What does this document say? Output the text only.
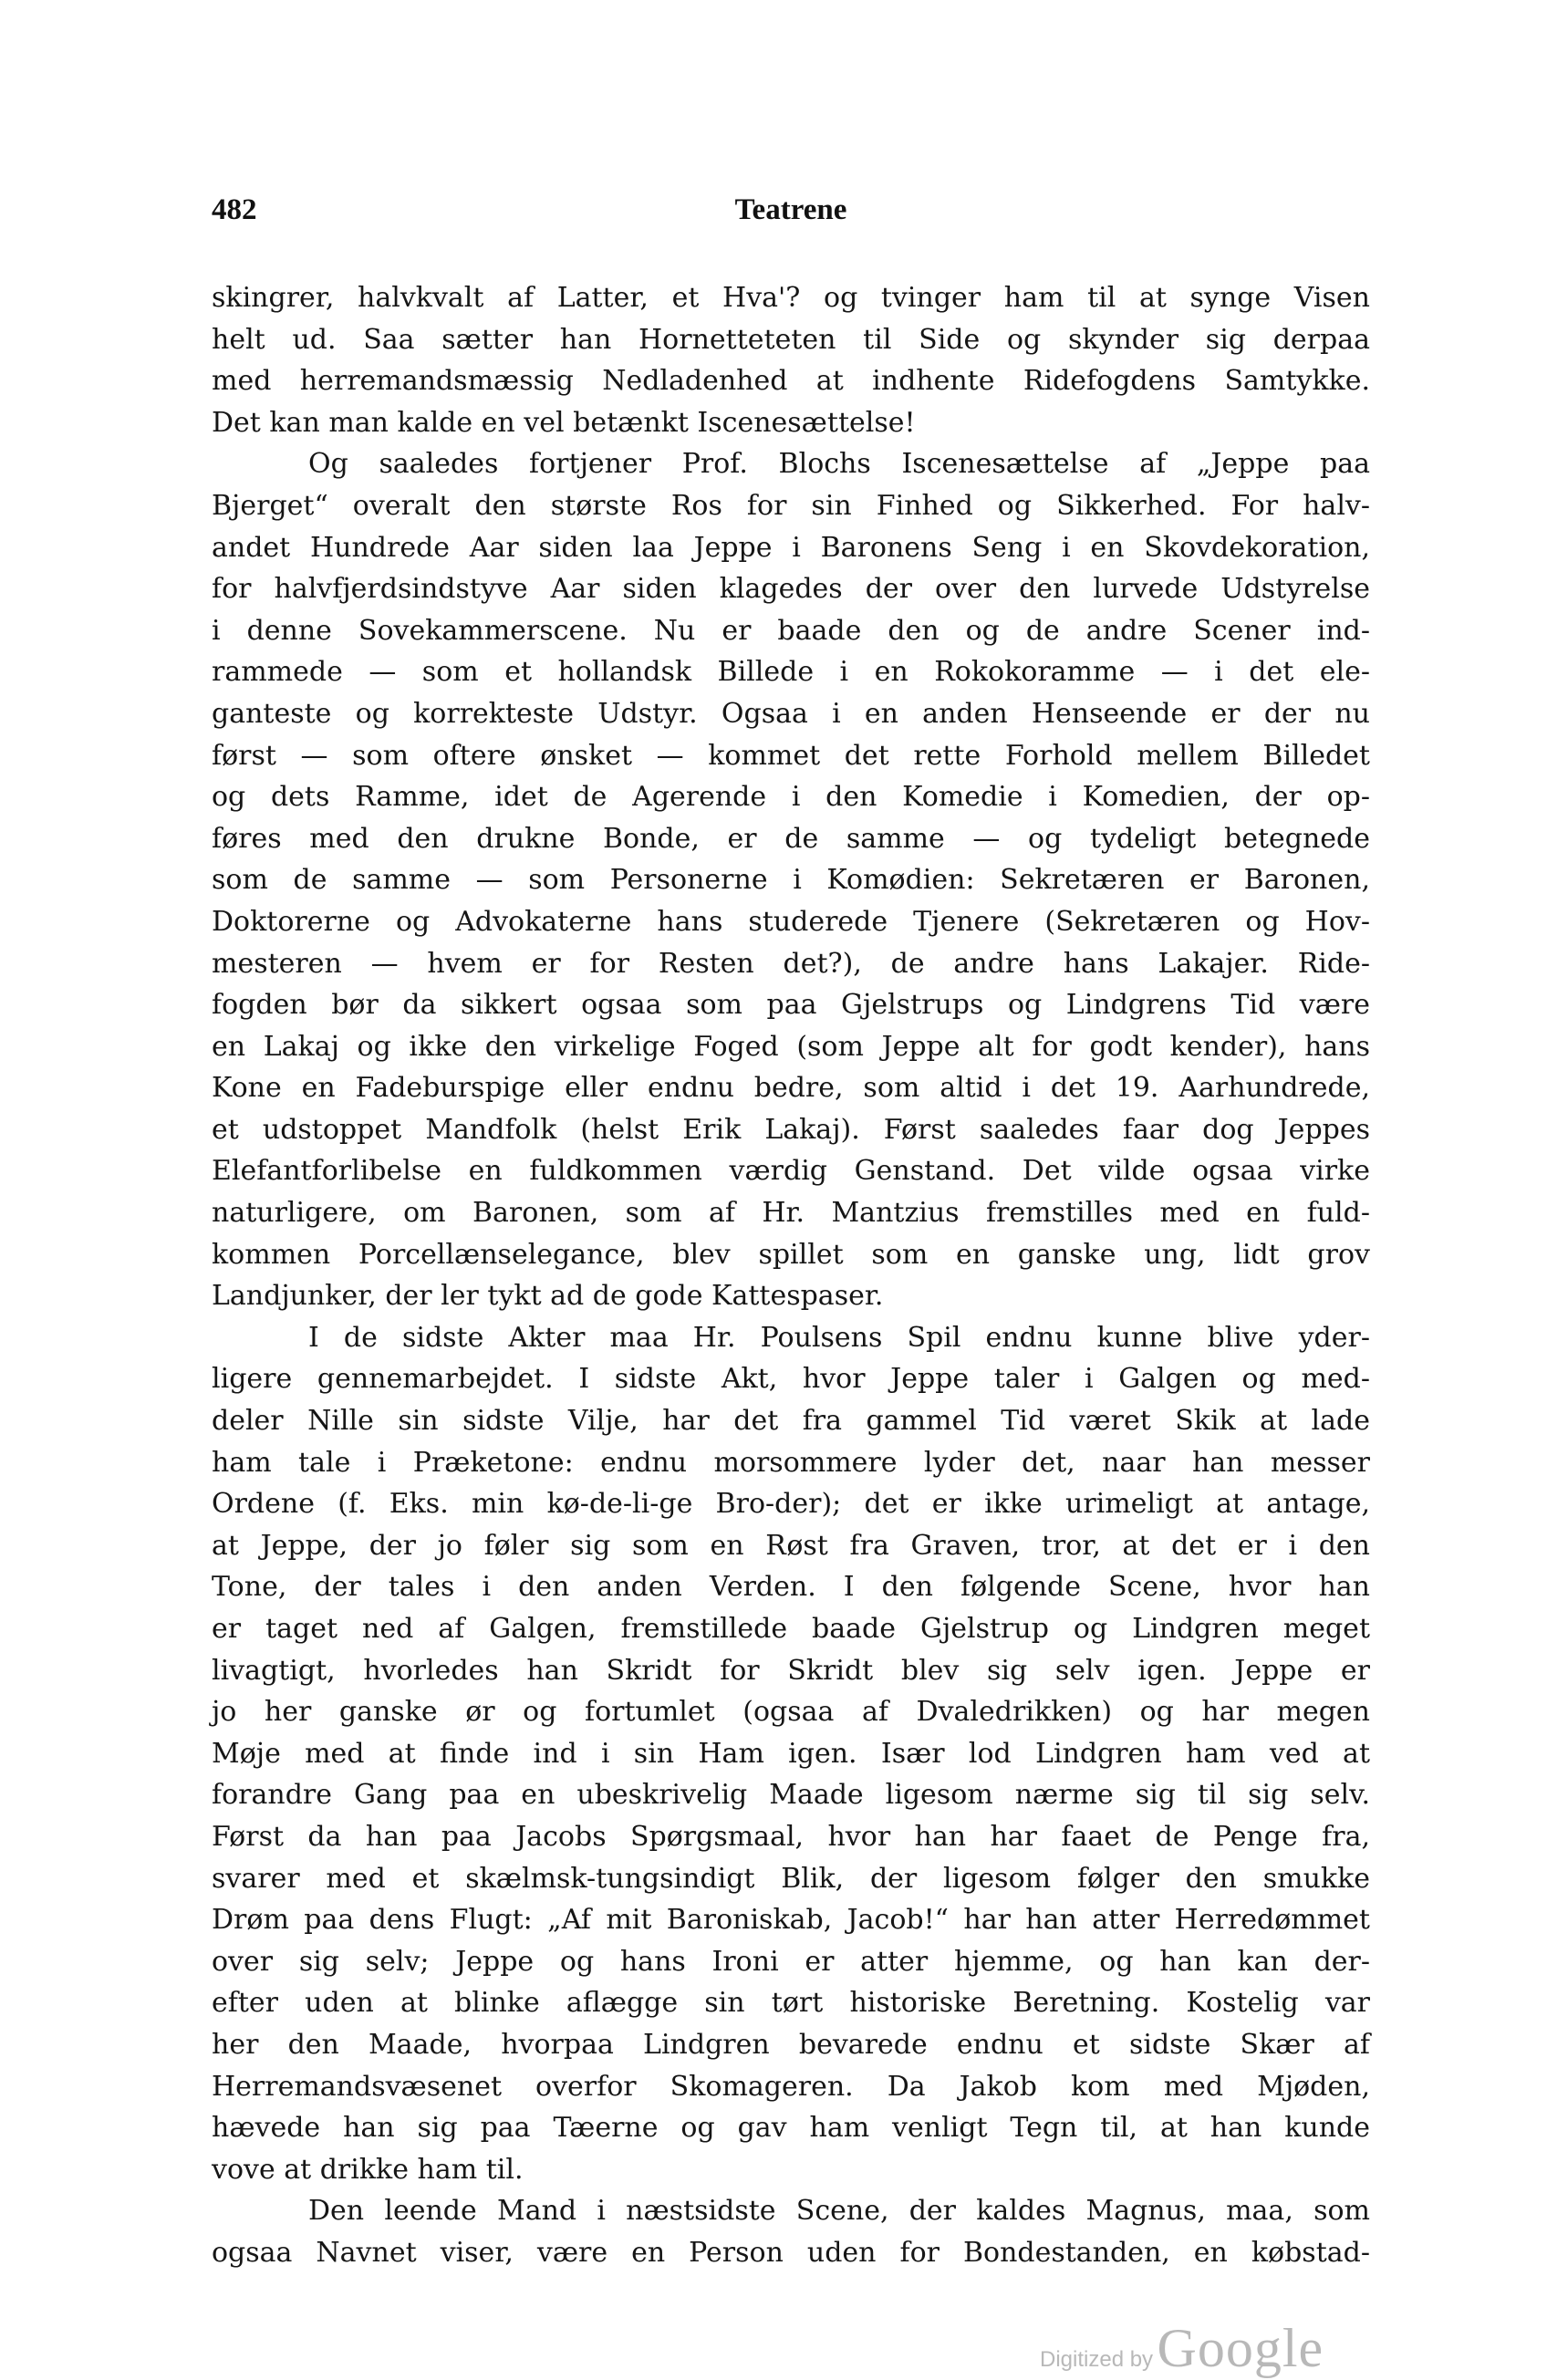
482	Teatrene
skingrer, halvkvalt af Latter, et Hva'? og tvinger ham til at synge Visen
helt ud. Saa sætter han Hornetteteten til Side og skynder sig derpaa
med herremandsmæssig Nedladenhed at indhente Ridefogdens Samtykke.
Det kan man kalde en vel betænkt Iscenesættelse!
Og saaledes fortjener Prof. Blochs Iscenesættelse af „Jeppe paa
Bjerget“ overalt den største Ros for sin Finhed og Sikkerhed. For halv-
andet Hundrede Aar siden laa Jeppe i Baronens Seng i en Skovdekoration,
for halvfjerdsindstyve Aar siden klagedes der over den lurvede Udstyrelse
i denne Sovekammerscene. Nu er baade den og de andre Scener ind-
rammede — som et hollandsk Billede i en Rokokoramme — i det ele-
ganteste og korrekteste Udstyr. Ogsaa i en anden Henseende er der nu
først — som oftere ønsket — kommet det rette Forhold mellem Billedet
og dets Ramme, idet de Agerende i den Komedie i Komedien, der op-
føres med den drukne Bonde, er de samme — og tydeligt betegnede
som de samme — som Personerne i Komødien: Sekretæren er Baronen,
Doktorerne og Advokaterne hans studerede Tjenere (Sekretæren og Hov-
mesteren — hvem er for Resten det?), de andre hans Lakajer. Ride-
fogden bør da sikkert ogsaa som paa Gjelstrups og Lindgrens Tid være
en Lakaj og ikke den virkelige Foged (som Jeppe alt for godt kender), hans
Kone en Fadeburspige eller endnu bedre, som altid i det 19. Aarhundrede,
et udstoppet Mandfolk (helst Erik Lakaj). Først saaledes faar dog Jeppes
Elefantforlibelse en fuldkommen værdig Genstand. Det vilde ogsaa virke
naturligere, om Baronen, som af Hr. Mantzius fremstilles med en fuld-
kommen Porcellænselegance, blev spillet som en ganske ung, lidt grov
Landjunker, der ler tykt ad de gode Kattespaser.
I de sidste Akter maa Hr. Poulsens Spil endnu kunne blive yder-
ligere gennemarbejdet. I sidste Akt, hvor Jeppe taler i Galgen og med-
deler Nille sin sidste Vilje, har det fra gammel Tid været Skik at lade
ham tale i Præketone: endnu morsommere lyder det, naar han messer
Ordene (f. Eks. min kø-de-li-ge Bro-der); det er ikke urimeligt at antage,
at Jeppe, der jo føler sig som en Røst fra Graven, tror, at det er i den
Tone, der tales i den anden Verden. I den følgende Scene, hvor han
er taget ned af Galgen, fremstillede baade Gjelstrup og Lindgren meget
livagtigt, hvorledes han Skridt for Skridt blev sig selv igen. Jeppe er
jo her ganske ør og fortumlet (ogsaa af Dvaledrikken) og har megen
Møje med at finde ind i sin Ham igen. Især lod Lindgren ham ved at
forandre Gang paa en ubeskrivelig Maade ligesom nærme sig til sig selv.
Først da han paa Jacobs Spørgsmaal, hvor han har faaet de Penge fra,
svarer med et skælmsk-tungsindigt Blik, der ligesom følger den smukke
Drøm paa dens Flugt: „Af mit Baroniskab, Jacob!“ har han atter Herredømmet
over sig selv; Jeppe og hans Ironi er atter hjemme, og han kan der-
efter uden at blinke aflægge sin tørt historiske Beretning. Kostelig var
her den Maade, hvorpaa Lindgren bevarede endnu et sidste Skær af
Herremandsvæsenet overfor Skomageren. Da Jakob kom med Mjøden,
hævede han sig paa Tæerne og gav ham venligt Tegn til, at han kunde
vove at drikke ham til.
Den leende Mand i næstsidste Scene, der kaldes Magnus, maa, som
ogsaa Navnet viser, være en Person uden for Bondestanden, en købstad-
Digitized by Google
